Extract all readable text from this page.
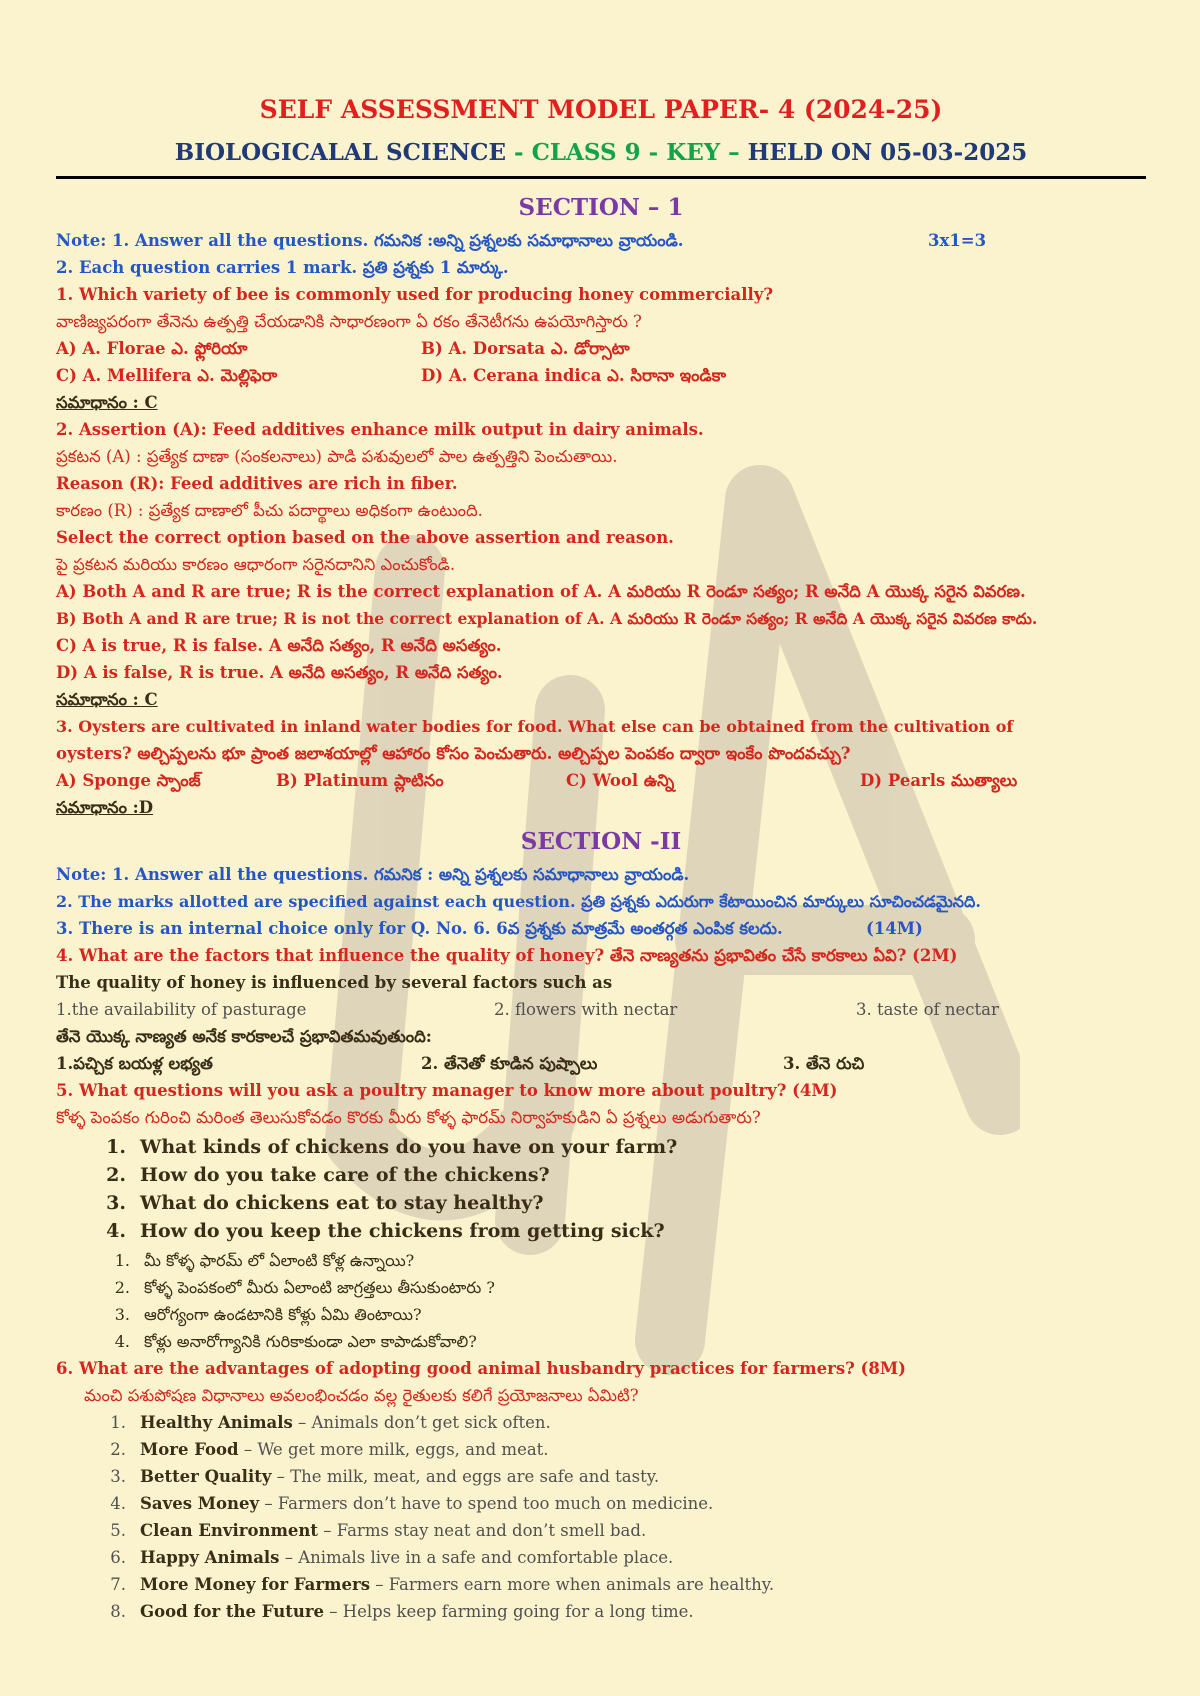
SELF ASSESSMENT MODEL PAPER- 4 (2024-25)
BIOLOGICALAL SCIENCE - CLASS 9 - KEY – HELD ON 05-03-2025
SECTION – 1
Note: 1. Answer all the questions. గమనిక :అన్ని ప్రశ్నలకు సమాధానాలు వ్రాయండి.	3x1=3
2. Each question carries 1 mark. ప్రతి ప్రశ్నకు 1 మార్కు.
1. Which variety of bee is commonly used for producing honey commercially?
వాణిజ్యపరంగా తేనెను ఉత్పత్తి చేయడానికి సాధారణంగా ఏ రకం తేనెటీగను ఉపయోగిస్తారు ?
A) A. Florae ఎ. ఫ్లోరియా	B) A. Dorsata ఎ. డోర్సాటా
C) A. Mellifera ఎ. మెల్లిఫెరా	D) A. Cerana indica ఎ. సిరానా ఇండికా
సమాధానం : C
2. Assertion (A): Feed additives enhance milk output in dairy animals.
ప్రకటన (A) : ప్రత్యేక దాణా (సంకలనాలు) పాడి పశువులలో పాల ఉత్పత్తిని పెంచుతాయి.
Reason (R): Feed additives are rich in fiber.
కారణం (R) : ప్రత్యేక దాణాలో పీచు పదార్థాలు అధికంగా ఉంటుంది.
Select the correct option based on the above assertion and reason.
పై ప్రకటన మరియు కారణం ఆధారంగా సరైనదానిని ఎంచుకోండి.
A) Both A and R are true; R is the correct explanation of A. A మరియు R రెండూ సత్యం; R అనేది A యొక్క సరైన వివరణ.
B) Both A and R are true; R is not the correct explanation of A. A మరియు R రెండూ సత్యం; R అనేది A యొక్క సరైన వివరణ కాదు.
C) A is true, R is false. A అనేది సత్యం, R అనేది అసత్యం.
D) A is false, R is true. A అనేది అసత్యం, R అనేది సత్యం.
సమాధానం : C
3. Oysters are cultivated in inland water bodies for food. What else can be obtained from the cultivation of
oysters? అల్చిప్పలను భూ ప్రాంత జలాశయాల్లో ఆహారం కోసం పెంచుతారు. అల్చిప్పల పెంపకం ద్వారా ఇంకేం పొందవచ్చు?
A) Sponge స్పాంజ్	B) Platinum ప్లాటినం	C) Wool ఉన్ని	D) Pearls ముత్యాలు
సమాధానం :D
SECTION -II
Note: 1. Answer all the questions. గమనిక : అన్ని ప్రశ్నలకు సమాధానాలు వ్రాయండి.
2. The marks allotted are specified against each question. ప్రతి ప్రశ్నకు ఎదురుగా కేటాయించిన మార్కులు సూచించడమైనది.
3. There is an internal choice only for Q. No. 6. 6వ ప్రశ్నకు మాత్రమే అంతర్గత ఎంపిక కలదు.	(14M)
4. What are the factors that influence the quality of honey? తేనె నాణ్యతను ప్రభావితం చేసే కారకాలు ఏవి? (2M)
The quality of honey is influenced by several factors such as
1.the availability of pasturage	2. flowers with nectar	3. taste of nectar
తేనె యొక్క నాణ్యత అనేక కారకాలచే ప్రభావితమవుతుంది:
1.పచ్చిక బయళ్ల లభ్యత	2. తేనెతో కూడిన పుష్పాలు	3. తేనె రుచి
5. What questions will you ask a poultry manager to know more about poultry? (4M)
కోళ్ళ పెంపకం గురించి మరింత తెలుసుకోవడం కొరకు మీరు కోళ్ళ ఫారమ్ నిర్వాహకుడిని ఏ ప్రశ్నలు అడుగుతారు?
1. What kinds of chickens do you have on your farm?
2. How do you take care of the chickens?
3. What do chickens eat to stay healthy?
4. How do you keep the chickens from getting sick?
1. మీ కోళ్ళ ఫారమ్ లో ఏలాంటి కోళ్ల ఉన్నాయి?
2. కోళ్ళ పెంపకంలో మీరు ఏలాంటి జాగ్రత్తలు తీసుకుంటారు ?
3. ఆరోగ్యంగా ఉండటానికి కోళ్లు ఏమి తింటాయి?
4. కోళ్లు అనారోగ్యానికి గురికాకుండా ఎలా కాపాడుకోవాలి?
6. What are the advantages of adopting good animal husbandry practices for farmers? (8M)
మంచి పశుపోషణ విధానాలు అవలంభించడం వల్ల రైతులకు కలిగే ప్రయోజనాలు ఏమిటి?
1. Healthy Animals – Animals don’t get sick often.
2. More Food – We get more milk, eggs, and meat.
3. Better Quality – The milk, meat, and eggs are safe and tasty.
4. Saves Money – Farmers don’t have to spend too much on medicine.
5. Clean Environment – Farms stay neat and don’t smell bad.
6. Happy Animals – Animals live in a safe and comfortable place.
7. More Money for Farmers – Farmers earn more when animals are healthy.
8. Good for the Future – Helps keep farming going for a long time.
